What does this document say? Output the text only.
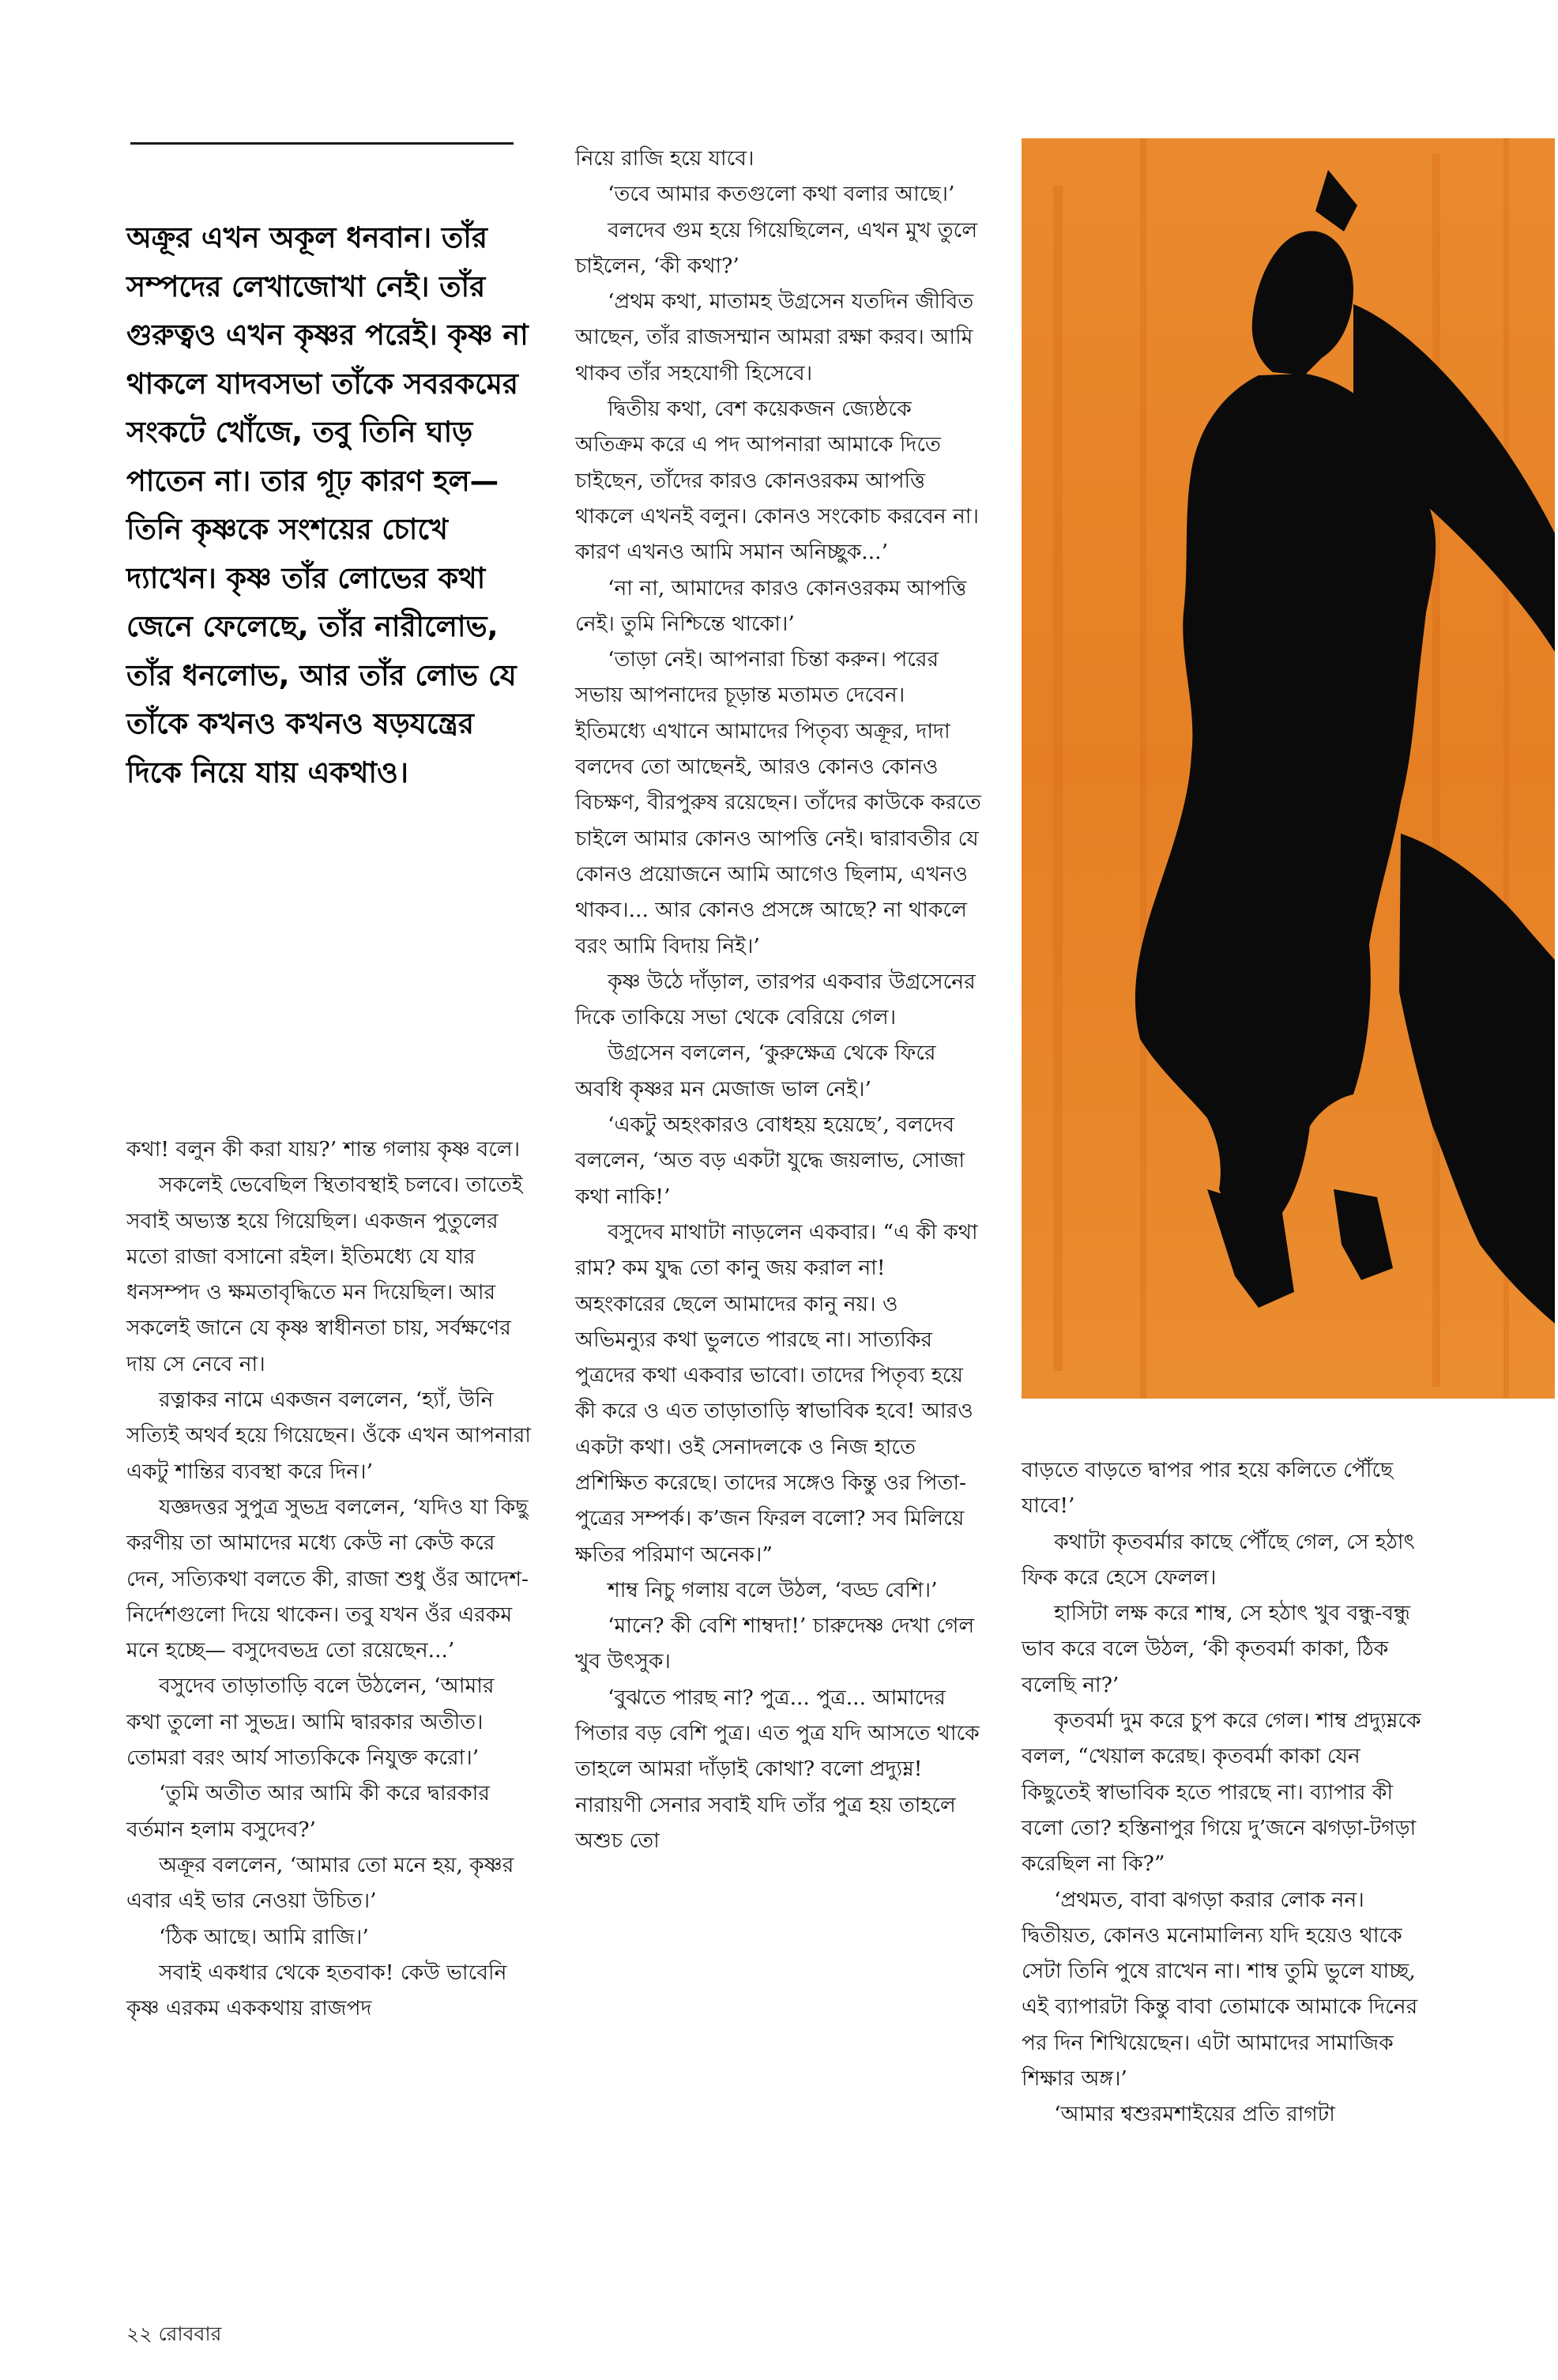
অক্রূর এখন অকূল ধনবান। তাঁর সম্পদের লেখাজোখা নেই। তাঁর গুরুত্বও এখন কৃষ্ণর পরেই। কৃষ্ণ না থাকলে যাদবসভা তাঁকে সবরকমের সংকটে খোঁজে, তবু তিনি ঘাড় পাতেন না। তার গূঢ় কারণ হল— তিনি কৃষ্ণকে সংশয়ের চোখে দ্যাখেন। কৃষ্ণ তাঁর লোভের কথা জেনে ফেলেছে, তাঁর নারীলোভ, তাঁর ধনলোভ, আর তাঁর লোভ যে তাঁকে কখনও কখনও ষড়যন্ত্রের দিকে নিয়ে যায় একথাও।

কথা! বলুন কী করা যায়?’ শান্ত গলায় কৃষ্ণ বলে।

সকলেই ভেবেছিল স্থিতাবস্থাই চলবে। তাতেই সবাই অভ্যস্ত হয়ে গিয়েছিল। একজন পুতুলের মতো রাজা বসানো রইল। ইতিমধ্যে যে যার ধনসম্পদ ও ক্ষমতাবৃদ্ধিতে মন দিয়েছিল। আর সকলেই জানে যে কৃষ্ণ স্বাধীনতা চায়, সর্বক্ষণের দায় সে নেবে না।

রত্নাকর নামে একজন বললেন, ‘হ্যাঁ, উনি সত্যিই অথর্ব হয়ে গিয়েছেন। ওঁকে এখন আপনারা একটু শান্তির ব্যবস্থা করে দিন।’

যজ্ঞদত্তর সুপুত্র সুভদ্র বললেন, ‘যদিও যা কিছু করণীয় তা আমাদের মধ্যে কেউ না কেউ করে দেন, সত্যিকথা বলতে কী, রাজা শুধু ওঁর আদেশ-নির্দেশগুলো দিয়ে থাকেন। তবু যখন ওঁর এরকম মনে হচ্ছে— বসুদেবভদ্র তো রয়েছেন...’

বসুদেব তাড়াতাড়ি বলে উঠলেন, ‘আমার কথা তুলো না সুভদ্র। আমি দ্বারকার অতীত। তোমরা বরং আর্য সাত্যকিকে নিযুক্ত করো।’

‘তুমি অতীত আর আমি কী করে দ্বারকার বর্তমান হলাম বসুদেব?’

অক্রূর বললেন, ‘আমার তো মনে হয়, কৃষ্ণর এবার এই ভার নেওয়া উচিত।’

‘ঠিক আছে। আমি রাজি।’

সবাই একধার থেকে হতবাক! কেউ ভাবেনি কৃষ্ণ এরকম এককথায় রাজপদ

নিয়ে রাজি হয়ে যাবে।

‘তবে আমার কতগুলো কথা বলার আছে।’

বলদেব গুম হয়ে গিয়েছিলেন, এখন মুখ তুলে চাইলেন, ‘কী কথা?’

‘প্রথম কথা, মাতামহ উগ্রসেন যতদিন জীবিত আছেন, তাঁর রাজসম্মান আমরা রক্ষা করব। আমি থাকব তাঁর সহযোগী হিসেবে।

দ্বিতীয় কথা, বেশ কয়েকজন জ্যেষ্ঠকে অতিক্রম করে এ পদ আপনারা আমাকে দিতে চাইছেন, তাঁদের কারও কোনওরকম আপত্তি থাকলে এখনই বলুন। কোনও সংকোচ করবেন না। কারণ এখনও আমি সমান অনিচ্ছুক...’

‘না না, আমাদের কারও কোনওরকম আপত্তি নেই। তুমি নিশ্চিন্তে থাকো।’

‘তাড়া নেই। আপনারা চিন্তা করুন। পরের সভায় আপনাদের চূড়ান্ত মতামত দেবেন। ইতিমধ্যে এখানে আমাদের পিতৃব্য অক্রূর, দাদা বলদেব তো আছেনই, আরও কোনও কোনও বিচক্ষণ, বীরপুরুষ রয়েছেন। তাঁদের কাউকে করতে চাইলে আমার কোনও আপত্তি নেই। দ্বারাবতীর যে কোনও প্রয়োজনে আমি আগেও ছিলাম, এখনও থাকব।... আর কোনও প্রসঙ্গে আছে? না থাকলে বরং আমি বিদায় নিই।’

কৃষ্ণ উঠে দাঁড়াল, তারপর একবার উগ্রসেনের দিকে তাকিয়ে সভা থেকে বেরিয়ে গেল।

উগ্রসেন বললেন, ‘কুরুক্ষেত্র থেকে ফিরে অবধি কৃষ্ণর মন মেজাজ ভাল নেই।’

‘একটু অহংকারও বোধহয় হয়েছে’, বলদেব বললেন, ‘অত বড় একটা যুদ্ধে জয়লাভ, সোজা কথা নাকি!’

বসুদেব মাথাটা নাড়লেন একবার। “এ কী কথা রাম? কম যুদ্ধ তো কানু জয় করাল না! অহংকারের ছেলে আমাদের কানু নয়। ও অভিমন্যুর কথা ভুলতে পারছে না। সাত্যকির পুত্রদের কথা একবার ভাবো। তাদের পিতৃব্য হয়ে কী করে ও এত তাড়াতাড়ি স্বাভাবিক হবে! আরও একটা কথা। ওই সেনাদলকে ও নিজ হাতে প্রশিক্ষিত করেছে। তাদের সঙ্গেও কিন্তু ওর পিতা-পুত্রের সম্পর্ক। ক’জন ফিরল বলো? সব মিলিয়ে ক্ষতির পরিমাণ অনেক।”

শাম্ব নিচু গলায় বলে উঠল, ‘বড্ড বেশি।’

‘মানে? কী বেশি শাম্বদা!’ চারুদেষ্ণ দেখা গেল খুব উৎসুক।

‘বুঝতে পারছ না? পুত্র... পুত্র... আমাদের পিতার বড় বেশি পুত্র। এত পুত্র যদি আসতে থাকে তাহলে আমরা দাঁড়াই কোথা? বলো প্রদ্যুম্ন! নারায়ণী সেনার সবাই যদি তাঁর পুত্র হয় তাহলে অশুচ তো

বাড়তে বাড়তে দ্বাপর পার হয়ে কলিতে পৌঁছে যাবে!’

কথাটা কৃতবর্মার কাছে পৌঁছে গেল, সে হঠাৎ ফিক করে হেসে ফেলল।

হাসিটা লক্ষ করে শাম্ব, সে হঠাৎ খুব বন্ধু-বন্ধু ভাব করে বলে উঠল, ‘কী কৃতবর্মা কাকা, ঠিক বলেছি না?’

কৃতবর্মা দুম করে চুপ করে গেল। শাম্ব প্রদ্যুম্নকে বলল, “খেয়াল করেছ। কৃতবর্মা কাকা যেন কিছুতেই স্বাভাবিক হতে পারছে না। ব্যাপার কী বলো তো? হস্তিনাপুর গিয়ে দু’জনে ঝগড়া-টগড়া করেছিল না কি?”

‘প্রথমত, বাবা ঝগড়া করার লোক নন। দ্বিতীয়ত, কোনও মনোমালিন্য যদি হয়েও থাকে সেটা তিনি পুষে রাখেন না। শাম্ব তুমি ভুলে যাচ্ছ, এই ব্যাপারটা কিন্তু বাবা তোমাকে আমাকে দিনের পর দিন শিখিয়েছেন। এটা আমাদের সামাজিক শিক্ষার অঙ্গ।’

‘আমার শ্বশুরমশাইয়ের প্রতি রাগটা

২২ রোববার
